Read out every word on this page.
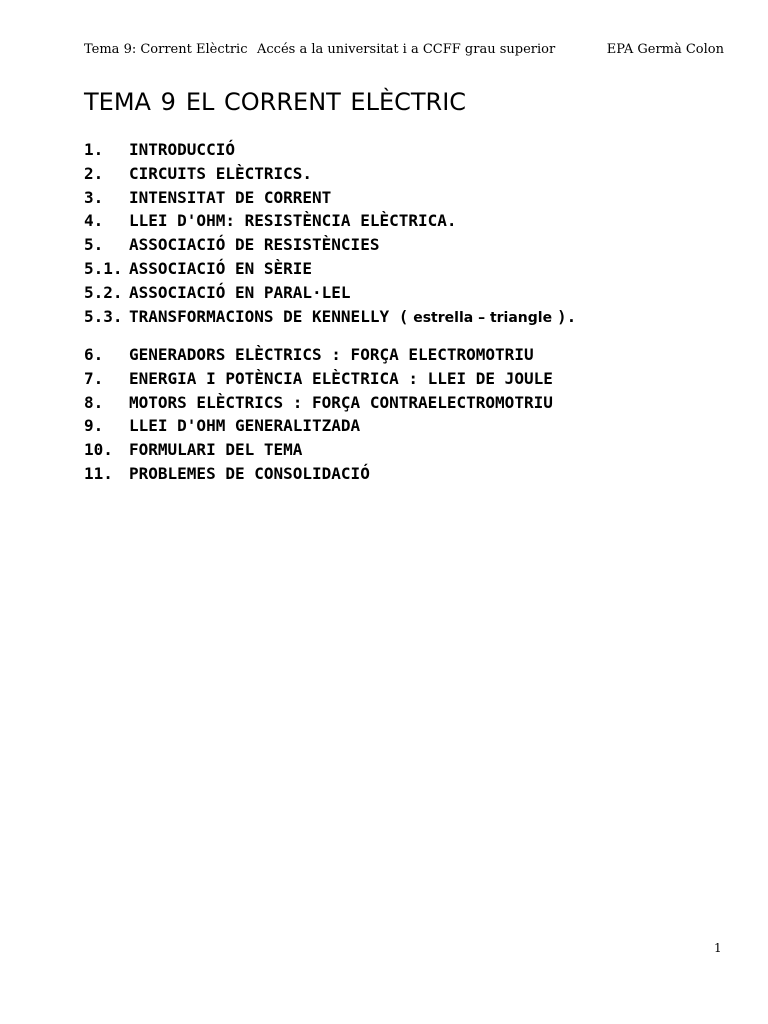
Tema 9: Corrent Elèctric Accés a la universitat i a CCFF grau superior	EPA Germà Colon
TEMA 9 EL CORRENT ELÈCTRIC
1. INTRODUCCIÓ
2. CIRCUITS ELÈCTRICS.
3. INTENSITAT DE CORRENT
4. LLEI D'OHM: RESISTÈNCIA ELÈCTRICA.
5. ASSOCIACIÓ DE RESISTÈNCIES
5.1. ASSOCIACIÓ EN SÈRIE
5.2. ASSOCIACIÓ EN PARAL·LEL
5.3. TRANSFORMACIONS DE KENNELLY ( estrella – triangle ).
6. GENERADORS ELÈCTRICS : FORÇA ELECTROMOTRIU
7. ENERGIA I POTÈNCIA ELÈCTRICA : LLEI DE JOULE
8. MOTORS ELÈCTRICS : FORÇA CONTRAELECTROMOTRIU
9. LLEI D'OHM GENERALITZADA
10. FORMULARI DEL TEMA
11. PROBLEMES DE CONSOLIDACIÓ
1
